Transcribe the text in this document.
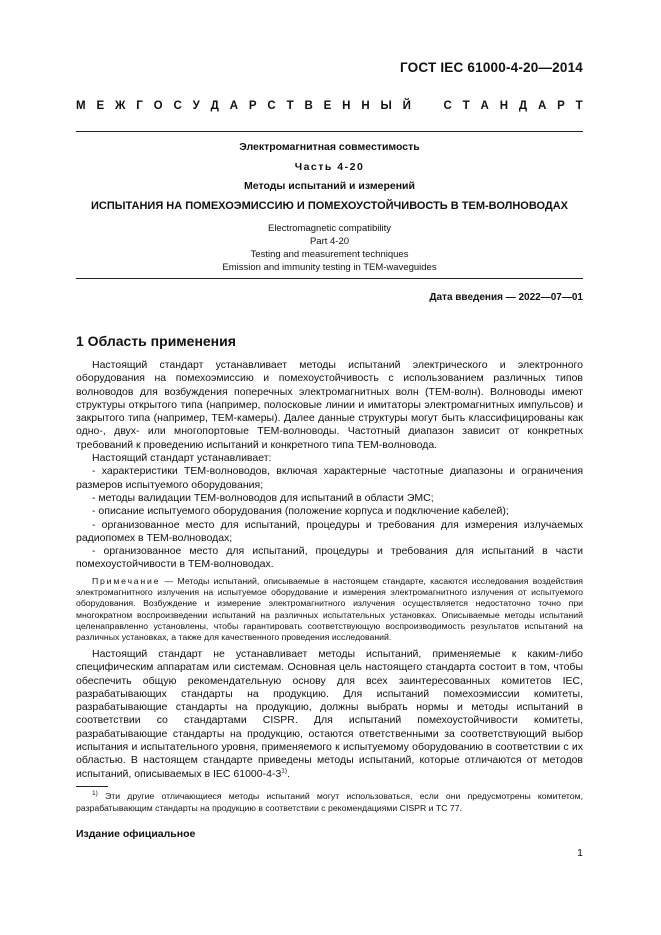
ГОСТ IEC 61000-4-20—2014
М Е Ж Г О С У Д А Р С Т В Е Н Н Ы Й	С Т А Н Д А Р Т
Электромагнитная совместимость
Часть 4-20
Методы испытаний и измерений
ИСПЫТАНИЯ НА ПОМЕХОЭМИССИЮ И ПОМЕХОУСТОЙЧИВОСТЬ В ТЕМ-ВОЛНОВОДАХ
Electromagnetic compatibility
Part 4-20
Testing and measurement techniques
Emission and immunity testing in TEM-waveguides
Дата введения — 2022—07—01
1 Область применения

Настоящий стандарт устанавливает методы испытаний электрического и электронного оборудования на помехоэмиссию и помехоустойчивость с использованием различных типов волноводов для возбуждения поперечных электромагнитных волн (ТЕМ-волн). Волноводы имеют структуры открытого типа (например, полосковые линии и имитаторы электромагнитных импульсов) и закрытого типа (например, ТЕМ-камеры). Далее данные структуры могут быть классифицированы как одно-, двух- или многопортовые ТЕМ-волноводы. Частотный диапазон зависит от конкретных требований к проведению испытаний и конкретного типа ТЕМ-волновода.

Настоящий стандарт устанавливает:

- характеристики ТЕМ-волноводов, включая характерные частотные диапазоны и ограничения размеров испытуемого оборудования;

- методы валидации ТЕМ-волноводов для испытаний в области ЭМС;

- описание испытуемого оборудования (положение корпуса и подключение кабелей);

- организованное место для испытаний, процедуры и требования для измерения излучаемых радиопомех в ТЕМ-волноводах;

- организованное место для испытаний, процедуры и требования для испытаний в части помехоустойчивости в ТЕМ-волноводах.

Примечание — Методы испытаний, описываемые в настоящем стандарте, касаются исследования воздействия электромагнитного излучения на испытуемое оборудование и измерения электромагнитного излучения от испытуемого оборудования. Возбуждение и измерение электромагнитного излучения осуществляется недостаточно точно при многократном воспроизведении испытаний на различных испытательных установках. Описываемые методы испытаний целенаправленно установлены, чтобы гарантировать соответствующую воспроизводимость результатов испытаний на различных установках, а также для качественного проведения исследований.

Настоящий стандарт не устанавливает методы испытаний, применяемые к каким-либо специфическим аппаратам или системам. Основная цель настоящего стандарта состоит в том, чтобы обеспечить общую рекомендательную основу для всех заинтересованных комитетов IEC, разрабатывающих стандарты на продукцию. Для испытаний помехоэмиссии комитеты, разрабатывающие стандарты на продукцию, должны выбрать нормы и методы испытаний в соответствии со стандартами CISPR. Для испытаний помехоустойчивости комитеты, разрабатывающие стандарты на продукцию, остаются ответственными за соответствующий выбор испытания и испытательного уровня, применяемого к испытуемому оборудованию в соответствии с их областью. В настоящем стандарте приведены методы испытаний, которые отличаются от методов испытаний, описываемых в IEC 61000-4-3$^{1)}$.

$^{1)}$ Эти другие отличающиеся методы испытаний могут использоваться, если они предусмотрены комитетом, разрабатывающим стандарты на продукцию в соответствии с рекомендациями CISPR и ТС 77.

Издание официальное
1
